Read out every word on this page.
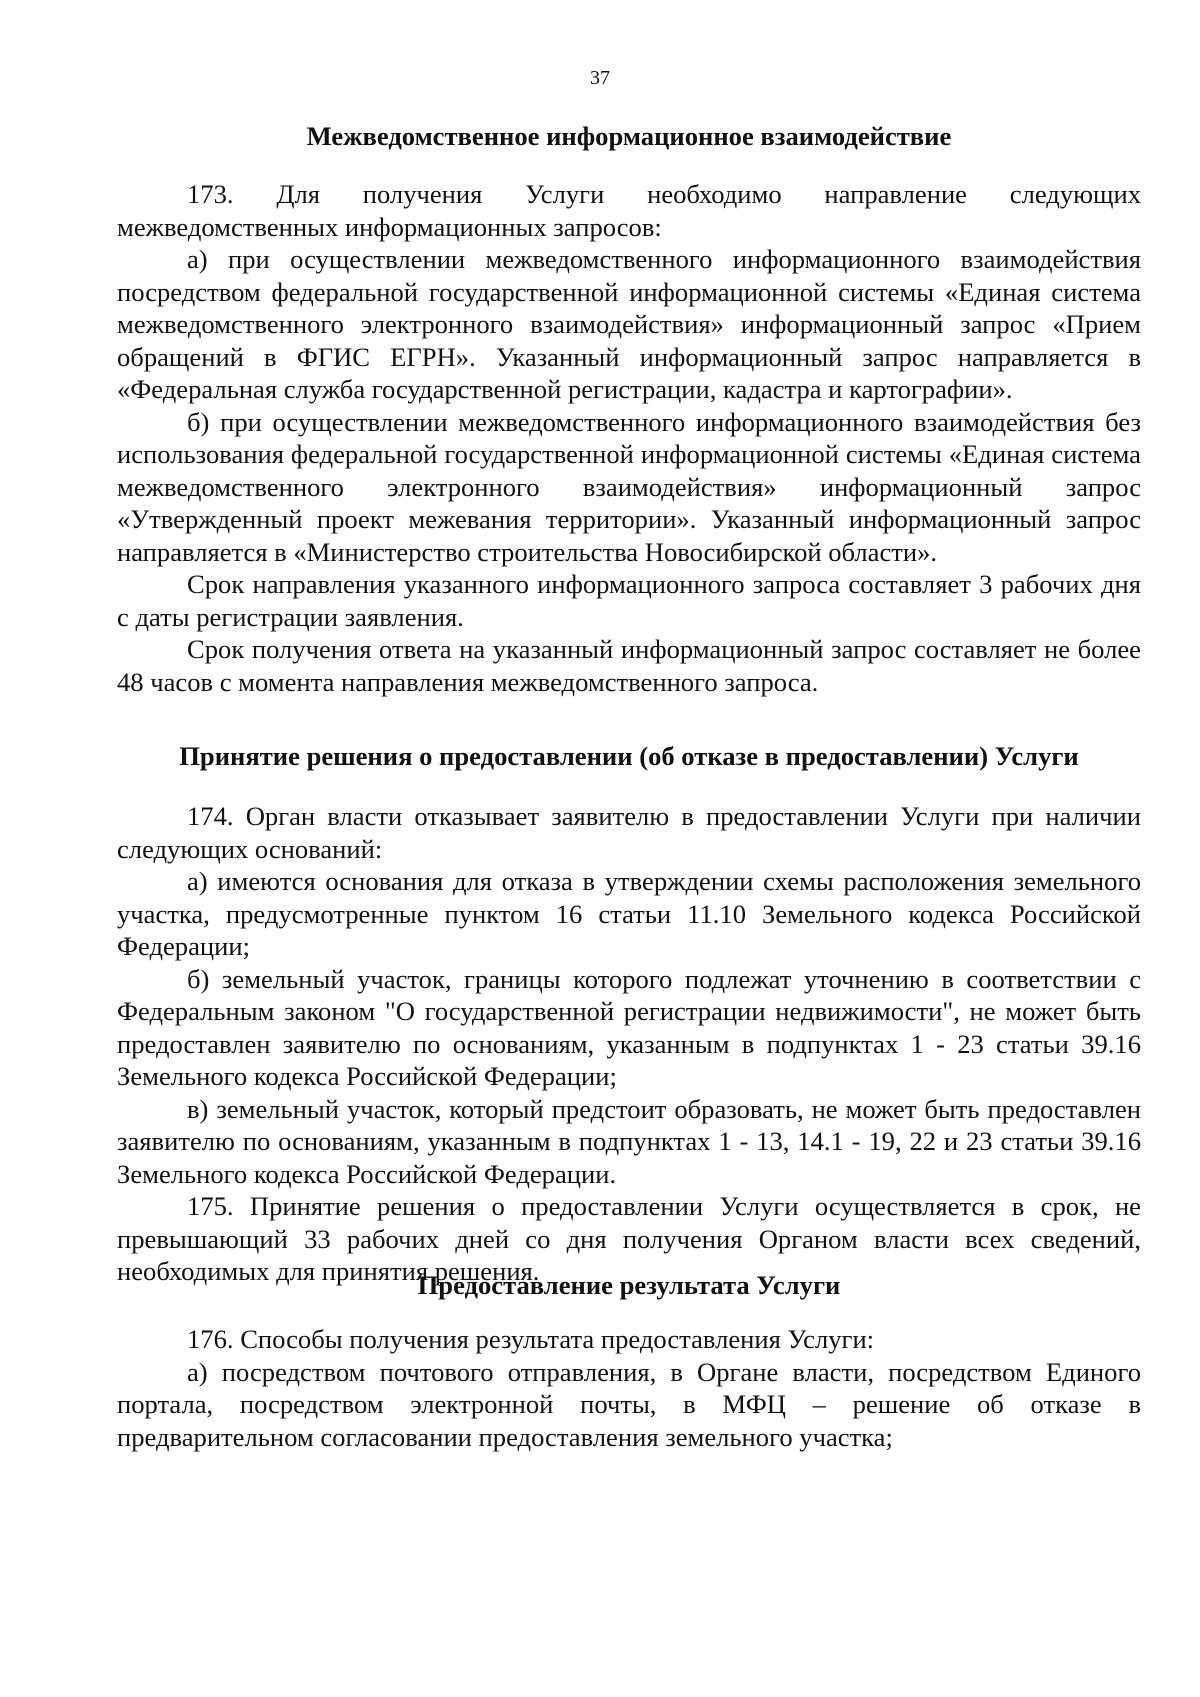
37
Межведомственное информационное взаимодействие

173. Для получения Услуги необходимо направление следующих межведомственных информационных запросов:

а) при осуществлении межведомственного информационного взаимодействия посредством федеральной государственной информационной системы «Единая система межведомственного электронного взаимодействия» информационный запрос «Прием обращений в ФГИС ЕГРН». Указанный информационный запрос направляется в «Федеральная служба государственной регистрации, кадастра и картографии».

б) при осуществлении межведомственного информационного взаимодействия без использования федеральной государственной информационной системы «Единая система межведомственного электронного взаимодействия» информационный запрос «Утвержденный проект межевания территории». Указанный информационный запрос направляется в «Министерство строительства Новосибирской области».

Срок направления указанного информационного запроса составляет 3 рабочих дня с даты регистрации заявления.

Срок получения ответа на указанный информационный запрос составляет не более 48 часов с момента направления межведомственного запроса.

Принятие решения о предоставлении (об отказе в предоставлении) Услуги

174. Орган власти отказывает заявителю в предоставлении Услуги при наличии следующих оснований:

а) имеются основания для отказа в утверждении схемы расположения земельного участка, предусмотренные пунктом 16 статьи 11.10 Земельного кодекса Российской Федерации;

б) земельный участок, границы которого подлежат уточнению в соответствии с Федеральным законом "О государственной регистрации недвижимости", не может быть предоставлен заявителю по основаниям, указанным в подпунктах 1 - 23 статьи 39.16 Земельного кодекса Российской Федерации;

в) земельный участок, который предстоит образовать, не может быть предоставлен заявителю по основаниям, указанным в подпунктах 1 - 13, 14.1 - 19, 22 и 23 статьи 39.16 Земельного кодекса Российской Федерации.

175. Принятие решения о предоставлении Услуги осуществляется в срок, не превышающий 33 рабочих дней со дня получения Органом власти всех сведений, необходимых для принятия решения.

Предоставление результата Услуги

176. Способы получения результата предоставления Услуги:

а) посредством почтового отправления, в Органе власти, посредством Единого портала, посредством электронной почты, в МФЦ – решение об отказе в предварительном согласовании предоставления земельного участка;
